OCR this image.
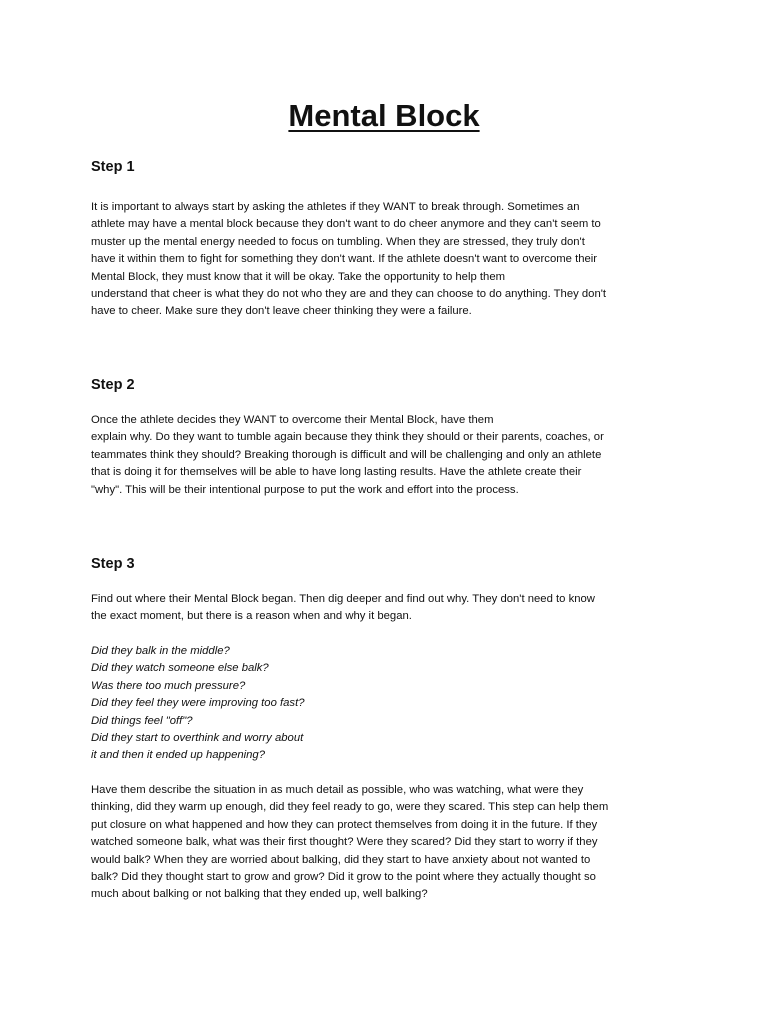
Mental Block
Step 1

It is important to always start by asking the athletes if they WANT to break through. Sometimes an
athlete may have a mental block because they don't want to do cheer anymore and they can't seem to
muster up the mental energy needed to focus on tumbling. When they are stressed, they truly don't
have it within them to fight for something they don't want. If the athlete doesn't want to overcome their
Mental Block, they must know that it will be okay. Take the opportunity to help them
understand that cheer is what they do not who they are and they can choose to do anything. They don't
have to cheer. Make sure they don't leave cheer thinking they were a failure.

Step 2

Once the athlete decides they WANT to overcome their Mental Block, have them
explain why. Do they want to tumble again because they think they should or their parents, coaches, or
teammates think they should? Breaking thorough is difficult and will be challenging and only an athlete
that is doing it for themselves will be able to have long lasting results. Have the athlete create their
"why". This will be their intentional purpose to put the work and effort into the process.

Step 3

Find out where their Mental Block began. Then dig deeper and find out why. They don't need to know
the exact moment, but there is a reason when and why it began.

Did they balk in the middle?
Did they watch someone else balk?
Was there too much pressure?
Did they feel they were improving too fast?
Did things feel "off"?
Did they start to overthink and worry about
it and then it ended up happening?

Have them describe the situation in as much detail as possible, who was watching, what were they
thinking, did they warm up enough, did they feel ready to go, were they scared. This step can help them
put closure on what happened and how they can protect themselves from doing it in the future. If they
watched someone balk, what was their first thought? Were they scared? Did they start to worry if they
would balk? When they are worried about balking, did they start to have anxiety about not wanted to
balk? Did they thought start to grow and grow? Did it grow to the point where they actually thought so
much about balking or not balking that they ended up, well balking?
